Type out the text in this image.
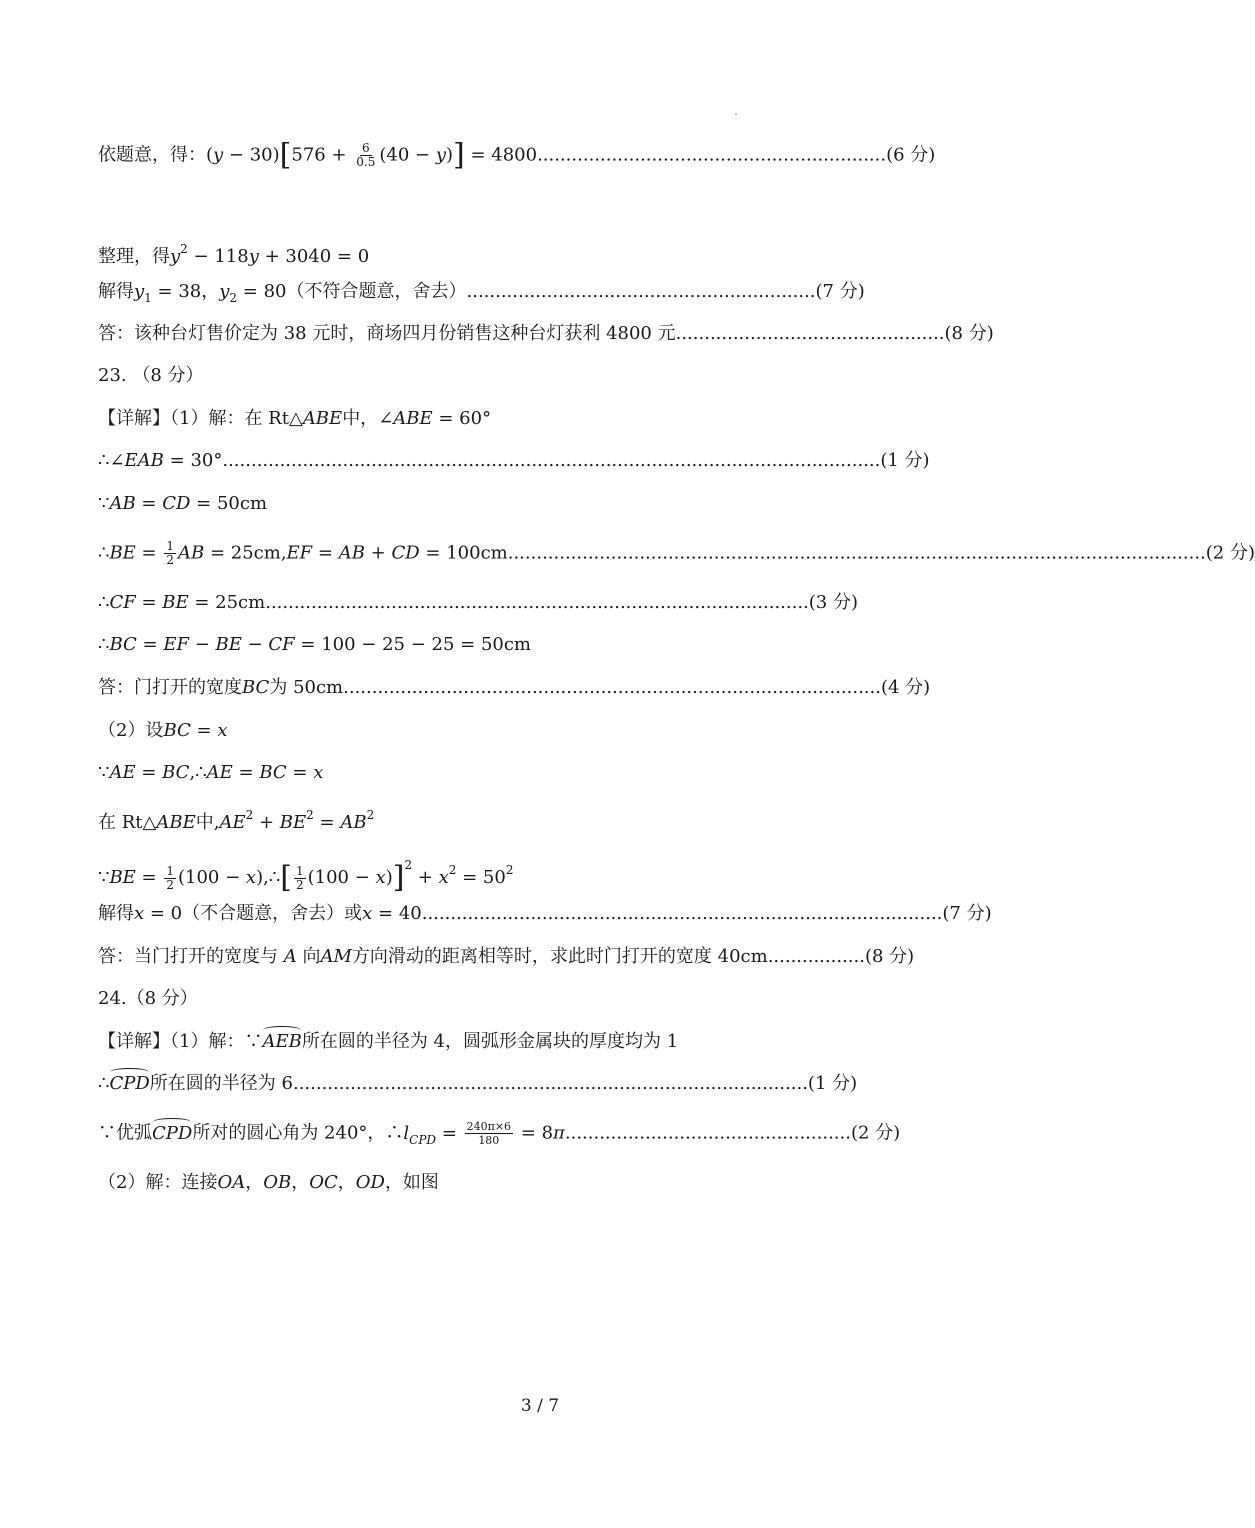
依题意，得：$(y - 30)[576 + \frac{6}{0.5} (40 - y)] = 4800.............................................................(6$ 分)
整理，得$y^2 - 118y + 3040 = 0$
解得$y_1 = 38$，$y_2 = 80$（不符合题意，舍去）.............................................................(7 分)
答：该种台灯售价定为 38 元时，商场四月份销售这种台灯获利 4800 元...............................................(8 分)
23. （8 分）
【详解】（1）解：在 Rt△ABE中，∠ABE = 60°
∴∠EAB = 30°...................................................................................................................(1 分)
∵AB = CD = 50cm
∴BE = $\frac{1}{2}$ AB = 25cm,EF = AB + CD = 100cm..........................................................................................................................(2 分)
∴CF = BE = 25cm...............................................................................................(3 分)
∴BC = EF − BE − CF = 100 − 25 − 25 = 50cm
答：门打开的宽度BC为 50cm..............................................................................................(4 分)
（2）设BC = x
∵AE = BC,∴AE = BC = x
在 Rt△ABE中$,AE^2 + BE^2 = AB^2$
∵BE = $\frac{1}{2} (100$ − x),∴[ $\frac{1}{2} (100 - x)]^2 + x^2 = 50^2$
解得x = 0（不合题意，舍去）或x = 40...........................................................................................(7 分)
答：当门打开的宽度与 A 向AM方向滑动的距离相等时，求此时门打开的宽度 40cm.................(8 分)
24.（8 分）
【详解】（1）解：∵AEB所在圆的半径为 4，圆弧形金属块的厚度均为 1
∴CPD所在圆的半径为 6..........................................................................................(1 分)
∵优弧CPD所对的圆心角为 240°，$\therefore l_{CPD} = \frac{240\pi\times 6}{180} = 8\pi..................................................(2$ 分)
（2）解：连接OA，OB，OC，OD，如图
3 / 7
